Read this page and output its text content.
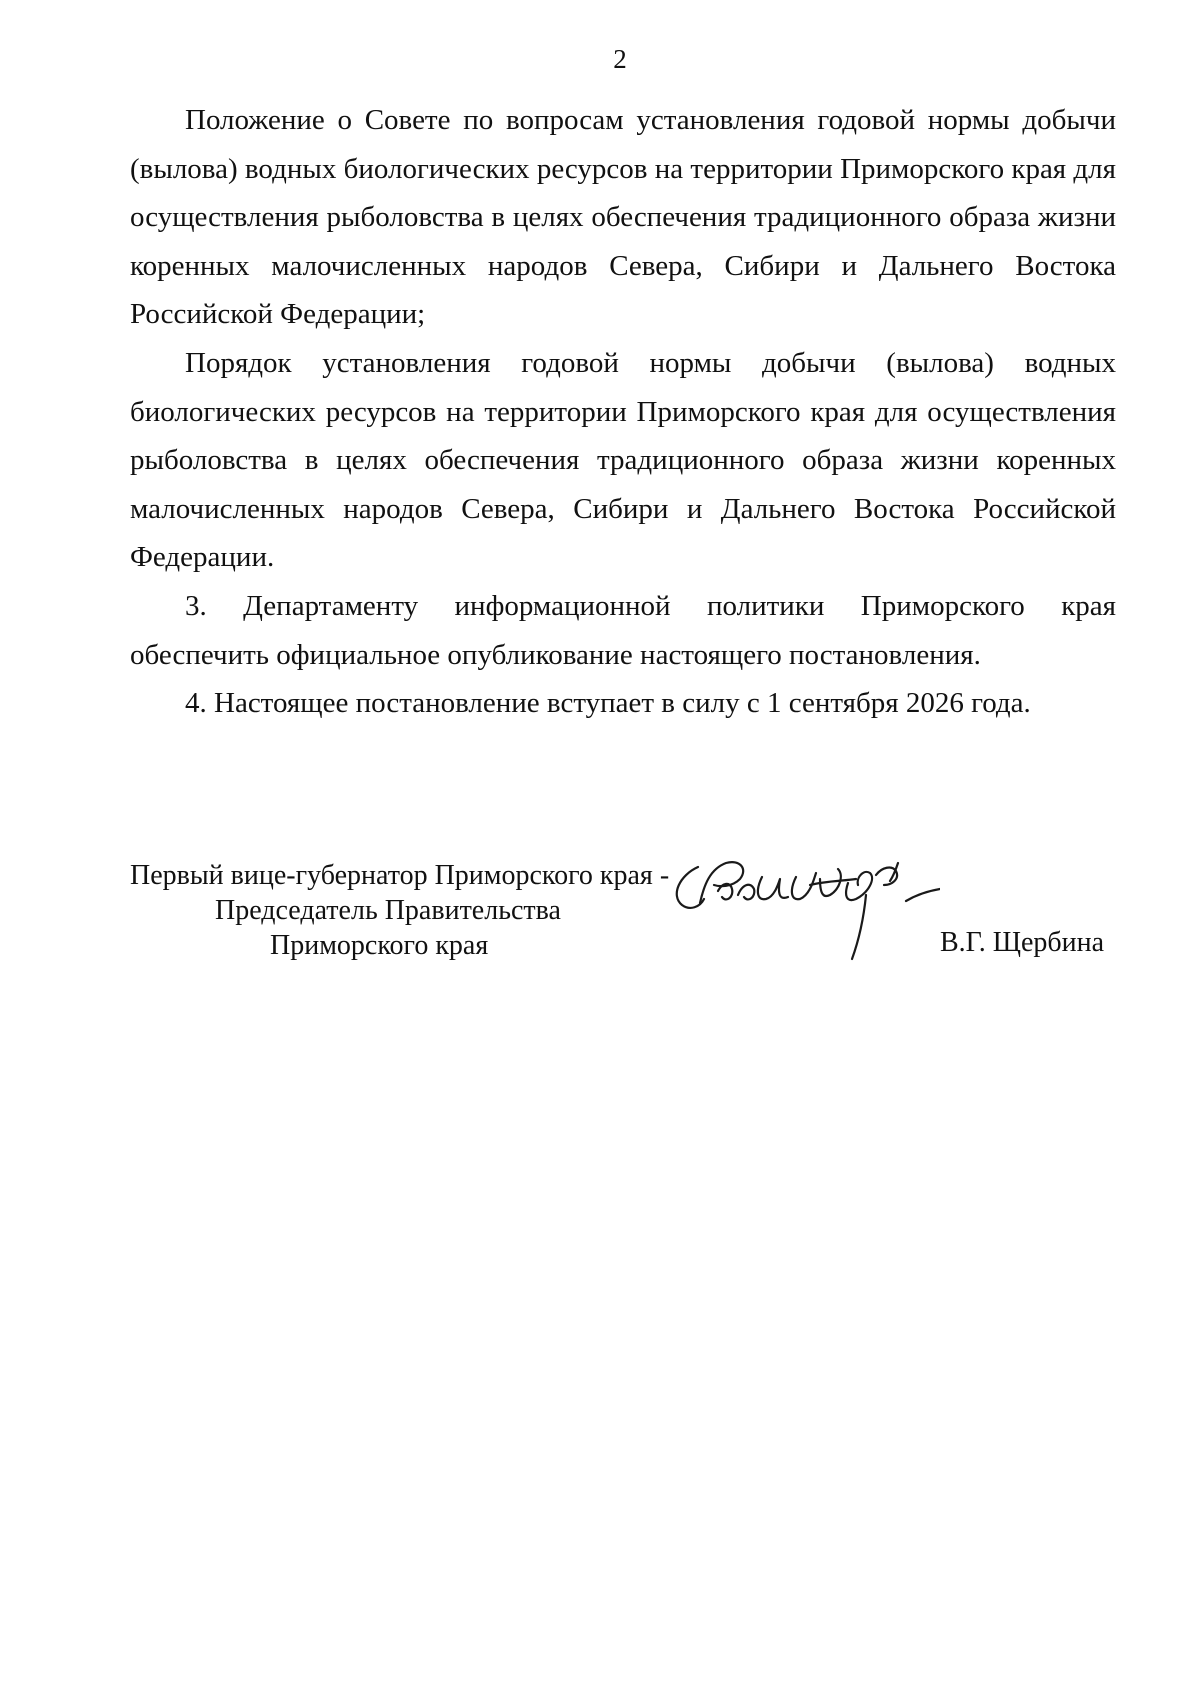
2

Положение о Совете по вопросам установления годовой нормы добычи (вылова) водных биологических ресурсов на территории Приморского края для осуществления рыболовства в целях обеспечения традиционного образа жизни коренных малочисленных народов Севера, Сибири и Дальнего Востока Российской Федерации;

Порядок установления годовой нормы добычи (вылова) водных биологических ресурсов на территории Приморского края для осуществления рыболовства в целях обеспечения традиционного образа жизни коренных малочисленных народов Севера, Сибири и Дальнего Востока Российской Федерации.

3. Департаменту информационной политики Приморского края обеспечить официальное опубликование настоящего постановления.

4. Настоящее постановление вступает в силу с 1 сентября 2026 года.

Первый вице-губернатор Приморского края -
Председатель Правительства
Приморского края	В.Г. Щербина
